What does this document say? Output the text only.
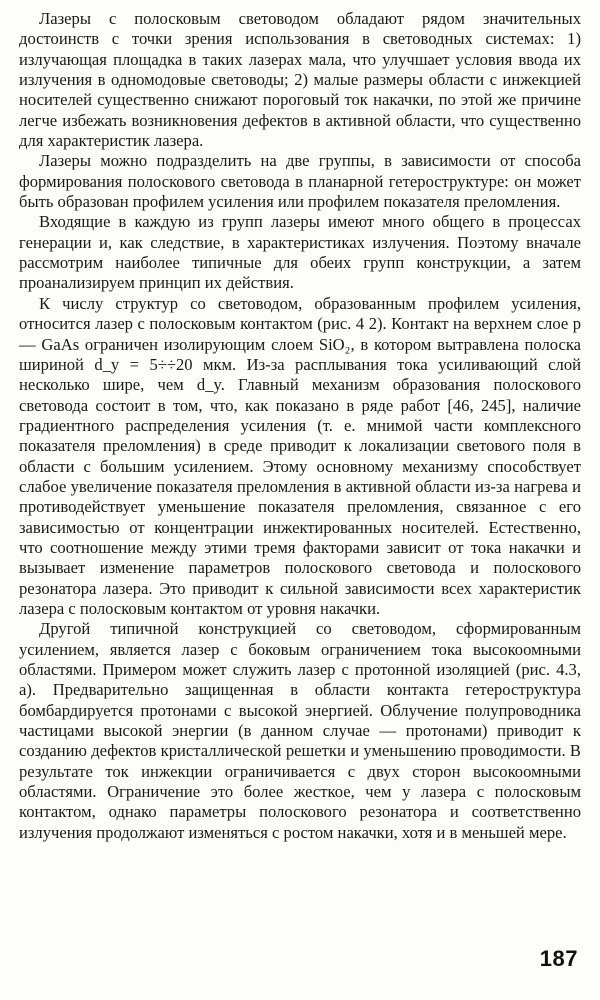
Лазеры с полосковым световодом обладают рядом значительных достоинств с точки зрения использования в световодных системах: 1) излучающая площадка в таких лазерах мала, что улучшает условия ввода их излучения в одномодовые световоды; 2) малые размеры области с инжекцией носителей существенно снижают пороговый ток накачки, по этой же причине легче избежать возникновения дефектов в активной области, что существенно для характеристик лазера.

Лазеры можно подразделить на две группы, в зависимости от способа формирования полоскового световода в планарной гетероструктуре: он может быть образован профилем усиления или профилем показателя преломления.

Входящие в каждую из групп лазеры имеют много общего в процессах генерации и, как следствие, в характеристиках излучения. Поэтому вначале рассмотрим наиболее типичные для обеих групп конструкции, а затем проанализируем принцип их действия.

К числу структур со световодом, образованным профилем усиления, относится лазер с полосковым контактом (рис. 4 2). Контакт на верхнем слое p — GaAs ограничен изолирующим слоем SiO₂, в котором вытравлена полоска шириной d_y = 5÷÷20 мкм. Из-за расплывания тока усиливающий слой несколько шире, чем d_y. Главный механизм образования полоскового световода состоит в том, что, как показано в ряде работ [46, 245], наличие градиентного распределения усиления (т. е. мнимой части комплексного показателя преломления) в среде приводит к локализации светового поля в области с большим усилением. Этому основному механизму способствует слабое увеличение показателя преломления в активной области из-за нагрева и противодействует уменьшение показателя преломления, связанное с его зависимостью от концентрации инжектированных носителей. Естественно, что соотношение между этими тремя факторами зависит от тока накачки и вызывает изменение параметров полоскового световода и полоскового резонатора лазера. Это приводит к сильной зависимости всех характеристик лазера с полосковым контактом от уровня накачки.

Другой типичной конструкцией со световодом, сформированным усилением, является лазер с боковым ограничением тока высокоомными областями. Примером может служить лазер с протонной изоляцией (рис. 4.3, а). Предварительно защищенная в области контакта гетероструктура бомбардируется протонами с высокой энергией. Облучение полупроводника частицами высокой энергии (в данном случае — протонами) приводит к созданию дефектов кристаллической решетки и уменьшению проводимости. В результате ток инжекции ограничивается с двух сторон высокоомными областями. Ограничение это более жесткое, чем у лазера с полосковым контактом, однако параметры полоскового резонатора и соответственно излучения продолжают изменяться с ростом накачки, хотя и в меньшей мере.

187
